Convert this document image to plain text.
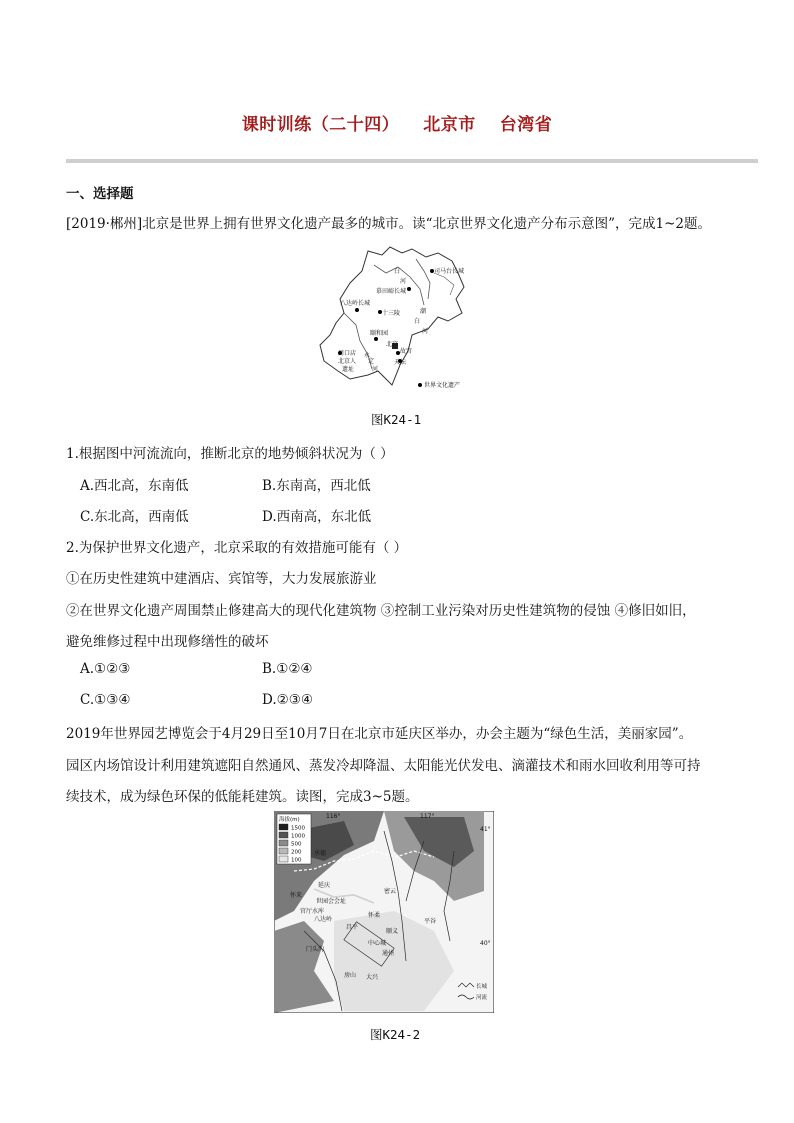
课时训练（二十四） 北京市 台湾省
一、选择题
[2019·郴州]北京是世界上拥有世界文化遗产最多的城市。读“北京世界文化遗产分布示意图”，完成1~2题。
司马台长城
慕田峪长城
八达岭长城
十三陵
颐和园
北京
故宫
天坛
周口店
北京人
遗址
世界文化遗产
白
河
潮
白
河
永
定
河
图K24-1
1.根据图中河流流向，推断北京的地势倾斜状况为（ ）
A.西北高，东南低	B.东南高，西北低
C.东北高，西南低	D.西南高，东北低
2.为保护世界文化遗产，北京采取的有效措施可能有（ ）
①在历史性建筑中建酒店、宾馆等，大力发展旅游业
②在世界文化遗产周围禁止修建高大的现代化建筑物 ③控制工业污染对历史性建筑物的侵蚀 ④修旧如旧，
避免维修过程中出现修缮性的破坏
A.①②③	B.①②④
C.①③④	D.②③④
2019年世界园艺博览会于4月29日至10月7日在北京市延庆区举办，办会主题为“绿色生活，美丽家园”。
园区内场馆设计利用建筑遮阳自然通风、蒸发冷却降温、太阳能光伏发电、滴灌技术和雨水回收利用等可持
续技术，成为绿色环保的低能耗建筑。读图，完成3~5题。
承德
延庆
怀来
世园会会址
官厅水库
八达岭
昌平
怀柔
密云
顺义
平谷
中心城
通州
门头沟
房山 大兴
116°	117°
41°
40°
海拔(m)
1500
1000
500
200
100
长城
河流
图K24-2
